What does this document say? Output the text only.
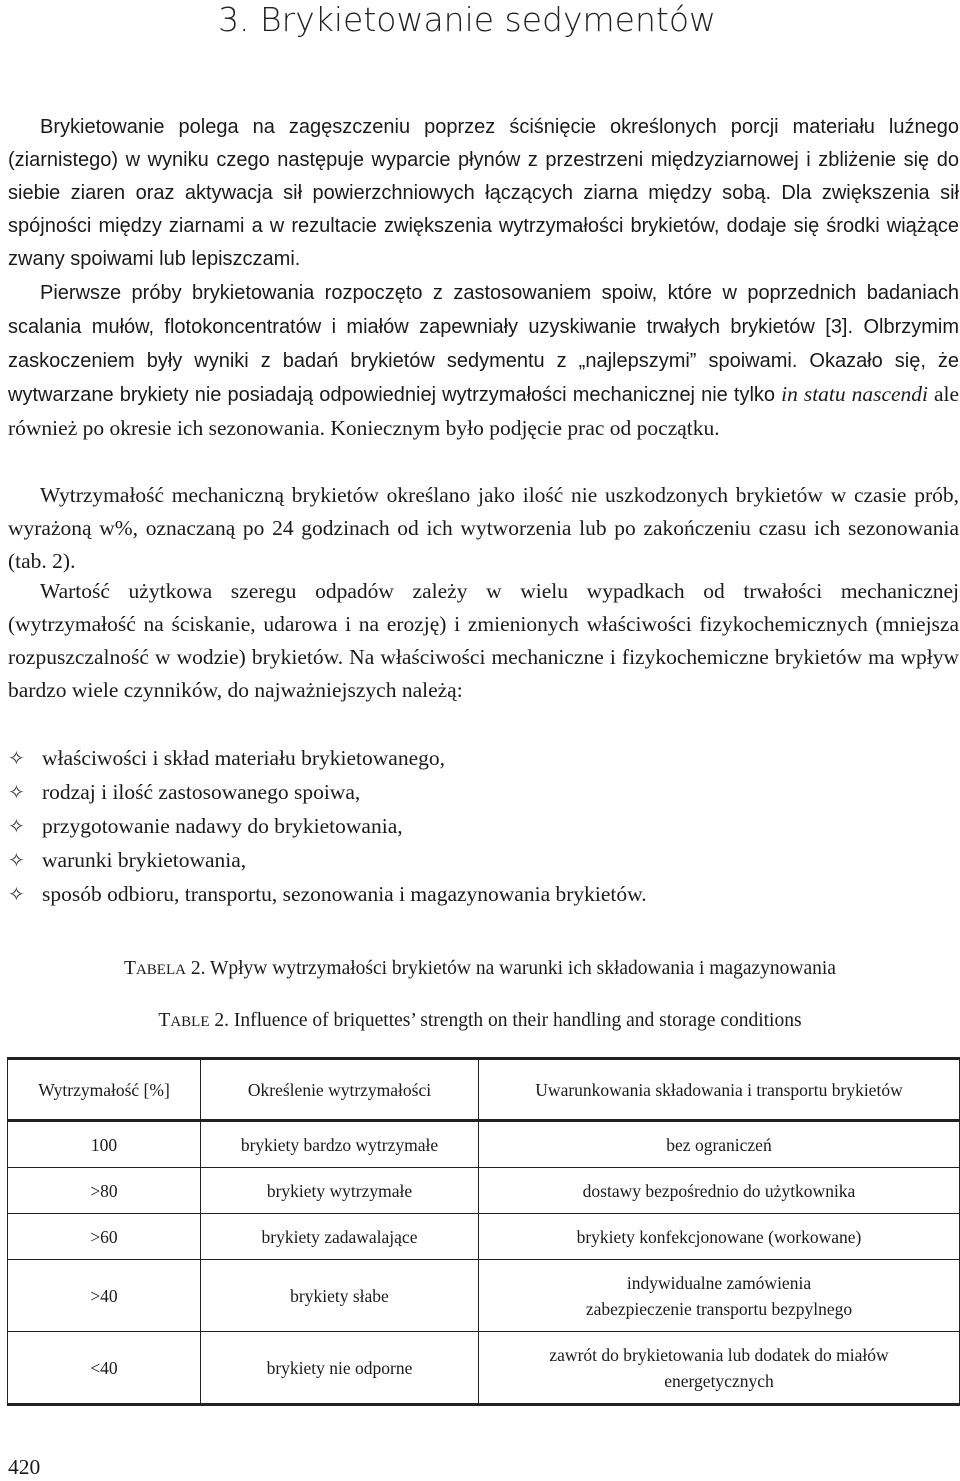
3. Brykietowanie sedymentów

Brykietowanie polega na zagęszczeniu poprzez ściśnięcie określonych porcji materiału luźnego (ziarnistego) w wyniku czego następuje wyparcie płynów z przestrzeni międzyziarnowej i zbliżenie się do siebie ziaren oraz aktywacja sił powierzchniowych łączących ziarna między sobą. Dla zwiększenia sił spójności między ziarnami a w rezultacie zwiększenia wytrzymałości brykietów, dodaje się środki wiążące zwany spoiwami lub lepiszczami.

Pierwsze próby brykietowania rozpoczęto z zastosowaniem spoiw, które w poprzednich badaniach scalania mułów, flotokoncentratów i miałów zapewniały uzyskiwanie trwałych brykietów [3]. Olbrzymim zaskoczeniem były wyniki z badań brykietów sedymentu z „najlepszymi” spoiwami. Okazało się, że wytwarzane brykiety nie posiadają odpowiedniej wytrzymałości mechanicznej nie tylko in statu nascendi ale również po okresie ich sezonowania. Koniecznym było podjęcie prac od początku.

Wytrzymałość mechaniczną brykietów określano jako ilość nie uszkodzonych brykietów w czasie prób, wyrażoną w%, oznaczaną po 24 godzinach od ich wytworzenia lub po zakończeniu czasu ich sezonowania (tab. 2).

Wartość użytkowa szeregu odpadów zależy w wielu wypadkach od trwałości mechanicznej (wytrzymałość na ściskanie, udarowa i na erozję) i zmienionych właściwości fizykochemicznych (mniejsza rozpuszczalność w wodzie) brykietów. Na właściwości mechaniczne i fizykochemiczne brykietów ma wpływ bardzo wiele czynników, do najważniejszych należą:

✧ właściwości i skład materiału brykietowanego,
✧ rodzaj i ilość zastosowanego spoiwa,
✧ przygotowanie nadawy do brykietowania,
✧ warunki brykietowania,
✧ sposób odbioru, transportu, sezonowania i magazynowania brykietów.
TABELA 2. Wpływ wytrzymałości brykietów na warunki ich składowania i magazynowania
TABLE 2. Influence of briquettes’ strength on their handling and storage conditions
Wytrzymałość [%]	Określenie wytrzymałości	Uwarunkowania składowania i transportu brykietów
100	brykiety bardzo wytrzymałe	bez ograniczeń
>80	brykiety wytrzymałe	dostawy bezpośrednio do użytkownika
>60	brykiety zadawalające	brykiety konfekcjonowane (workowane)
>40	brykiety słabe	indywidualne zamówienia
zabezpieczenie transportu bezpylnego

<40	brykiety nie odporne	zawrót do brykietowania lub dodatek do miałów
energetycznych
420
